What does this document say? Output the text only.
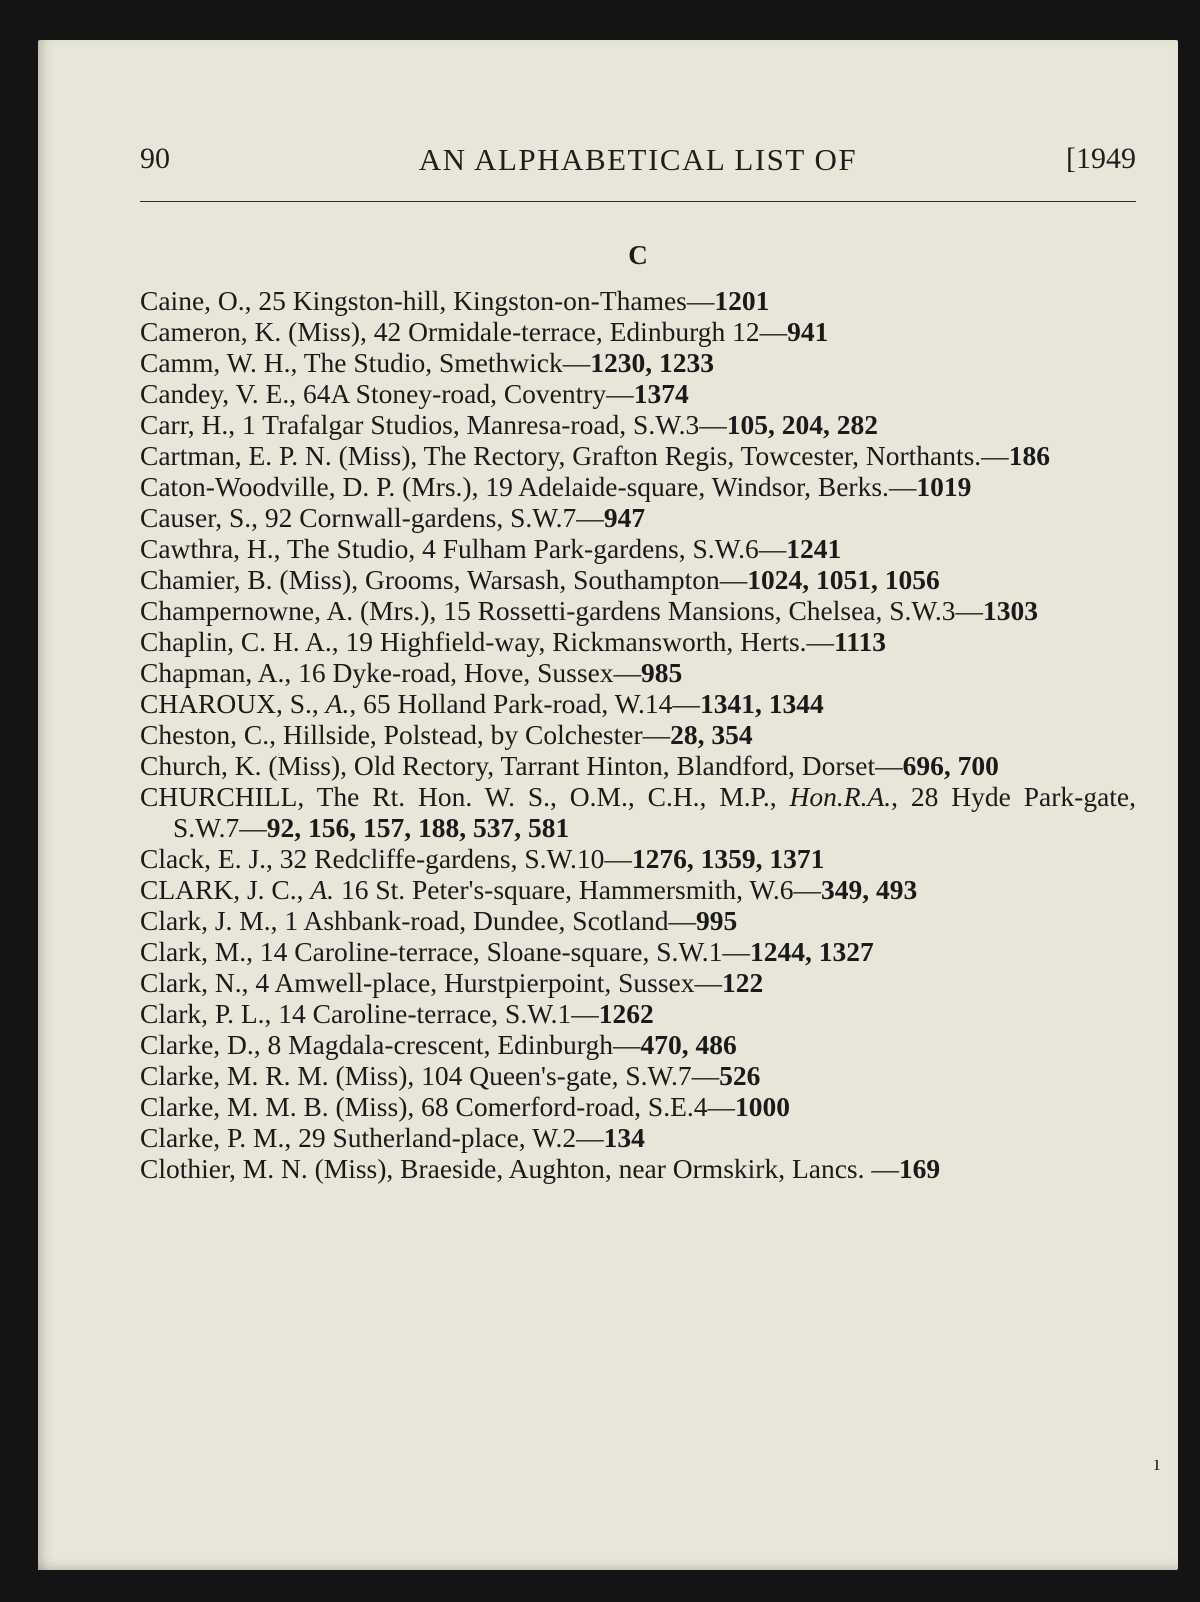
AN ALPHABETICAL LIST OF
90	[1949
C

Caine, O., 25 Kingston-hill, Kingston-on-Thames—1201

Cameron, K. (Miss), 42 Ormidale-terrace, Edinburgh 12—941

Camm, W. H., The Studio, Smethwick—1230, 1233

Candey, V. E., 64A Stoney-road, Coventry—1374

Carr, H., 1 Trafalgar Studios, Manresa-road, S.W.3—105, 204, 282

Cartman, E. P. N. (Miss), The Rectory, Grafton Regis, Towcester, Northants.—186

Caton-Woodville, D. P. (Mrs.), 19 Adelaide-square, Windsor, Berks.—1019

Causer, S., 92 Cornwall-gardens, S.W.7—947

Cawthra, H., The Studio, 4 Fulham Park-gardens, S.W.6—1241

Chamier, B. (Miss), Grooms, Warsash, Southampton—1024, 1051, 1056

Champernowne, A. (Mrs.), 15 Rossetti-gardens Mansions, Chelsea, S.W.3—1303

Chaplin, C. H. A., 19 Highfield-way, Rickmansworth, Herts.—1113

Chapman, A., 16 Dyke-road, Hove, Sussex—985

CHAROUX, S., A., 65 Holland Park-road, W.14—1341, 1344

Cheston, C., Hillside, Polstead, by Colchester—28, 354

Church, K. (Miss), Old Rectory, Tarrant Hinton, Blandford, Dorset—696, 700

CHURCHILL, The Rt. Hon. W. S., O.M., C.H., M.P., Hon.R.A., 28 Hyde Park-gate, S.W.7—92, 156, 157, 188, 537, 581

Clack, E. J., 32 Redcliffe-gardens, S.W.10—1276, 1359, 1371

CLARK, J. C., A. 16 St. Peter's-square, Hammersmith, W.6—349, 493

Clark, J. M., 1 Ashbank-road, Dundee, Scotland—995

Clark, M., 14 Caroline-terrace, Sloane-square, S.W.1—1244, 1327

Clark, N., 4 Amwell-place, Hurstpierpoint, Sussex—122

Clark, P. L., 14 Caroline-terrace, S.W.1—1262

Clarke, D., 8 Magdala-crescent, Edinburgh—470, 486

Clarke, M. R. M. (Miss), 104 Queen's-gate, S.W.7—526

Clarke, M. M. B. (Miss), 68 Comerford-road, S.E.4—1000

Clarke, P. M., 29 Sutherland-place, W.2—134

Clothier, M. N. (Miss), Braeside, Aughton, near Ormskirk, Lancs. —169

ı
